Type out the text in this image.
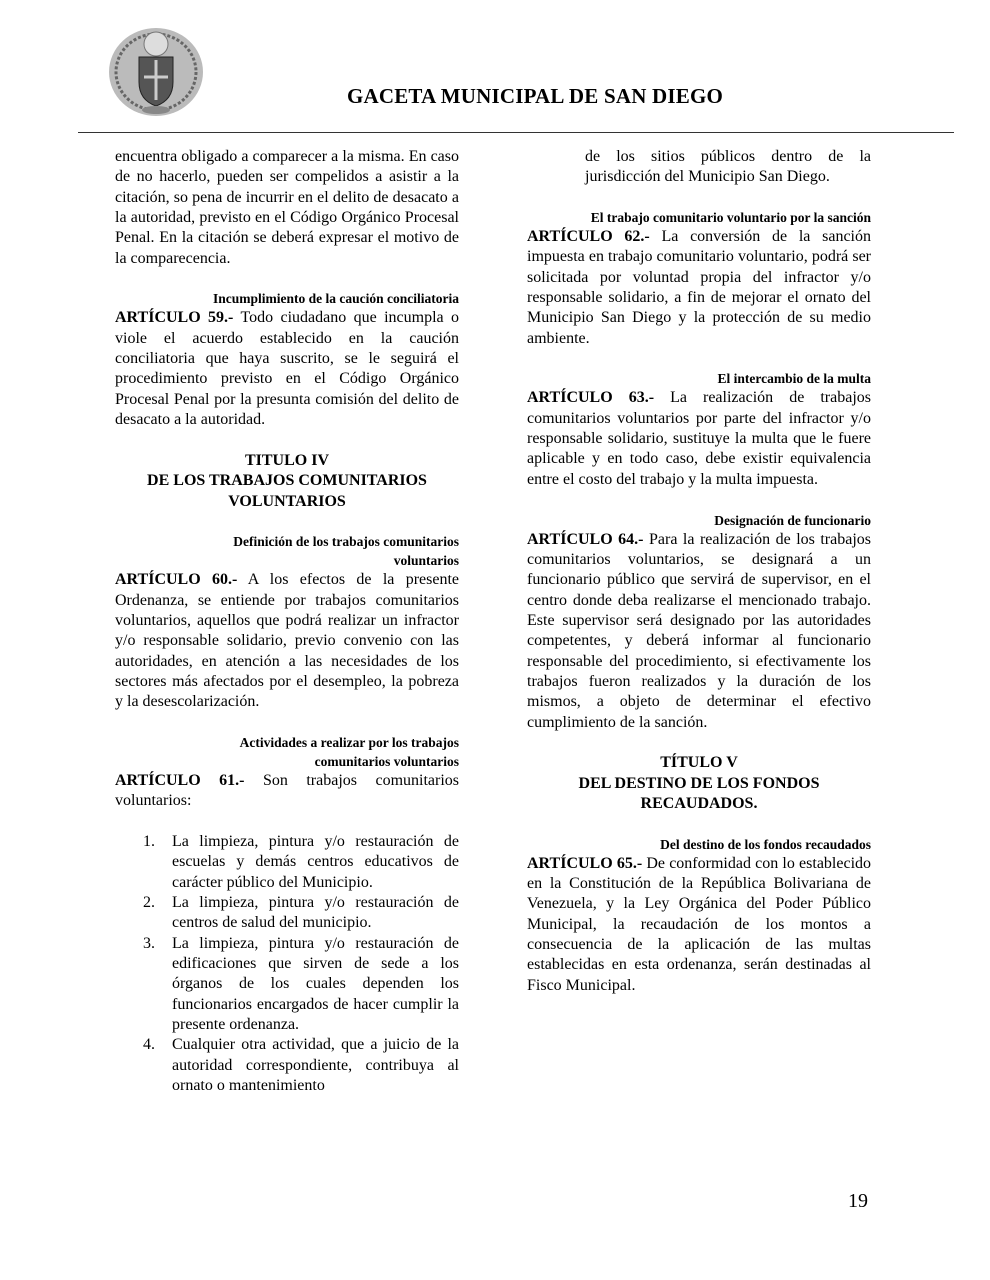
GACETA MUNICIPAL DE SAN DIEGO

encuentra obligado a comparecer a la misma. En caso de no hacerlo, pueden ser compelidos a asistir a la citación, so pena de incurrir en el delito de desacato a la autoridad, previsto en el Código Orgánico Procesal Penal. En la citación se deberá expresar el motivo de la comparecencia.

Incumplimiento de la caución conciliatoria

ARTÍCULO 59.- Todo ciudadano que incumpla o viole el acuerdo establecido en la caución conciliatoria que haya suscrito, se le seguirá el procedimiento previsto en el Código Orgánico Procesal Penal por la presunta comisión del delito de desacato a la autoridad.

TITULO IV
DE LOS TRABAJOS COMUNITARIOS
VOLUNTARIOS

Definición de los trabajos comunitarios
voluntarios

ARTÍCULO 60.- A los efectos de la presente Ordenanza, se entiende por trabajos comunitarios voluntarios, aquellos que podrá realizar un infractor y/o responsable solidario, previo convenio con las autoridades, en atención a las necesidades de los sectores más afectados por el desempleo, la pobreza y la desescolarización.

Actividades a realizar por los trabajos
comunitarios voluntarios

ARTÍCULO 61.- Son trabajos comunitarios voluntarios:

1. La limpieza, pintura y/o restauración de escuelas y demás centros educativos de carácter público del Municipio.
2. La limpieza, pintura y/o restauración de centros de salud del municipio.
3. La limpieza, pintura y/o restauración de edificaciones que sirven de sede a los órganos de los cuales dependen los funcionarios encargados de hacer cumplir la presente ordenanza.
4. Cualquier otra actividad, que a juicio de la autoridad correspondiente, contribuya al ornato o mantenimiento

de los sitios públicos dentro de la jurisdicción del Municipio San Diego.

El trabajo comunitario voluntario por la sanción

ARTÍCULO 62.- La conversión de la sanción impuesta en trabajo comunitario voluntario, podrá ser solicitada por voluntad propia del infractor y/o responsable solidario, a fin de mejorar el ornato del Municipio San Diego y la protección de su medio ambiente.

El intercambio de la multa

ARTÍCULO 63.- La realización de trabajos comunitarios voluntarios por parte del infractor y/o responsable solidario, sustituye la multa que le fuere aplicable y en todo caso, debe existir equivalencia entre el costo del trabajo y la multa impuesta.

Designación de funcionario

ARTÍCULO 64.- Para la realización de los trabajos comunitarios voluntarios, se designará a un funcionario público que servirá de supervisor, en el centro donde deba realizarse el mencionado trabajo. Este supervisor será designado por las autoridades competentes, y deberá informar al funcionario responsable del procedimiento, si efectivamente los trabajos fueron realizados y la duración de los mismos, a objeto de determinar el efectivo cumplimiento de la sanción.

TÍTULO V
DEL DESTINO DE LOS FONDOS
RECAUDADOS.

Del destino de los fondos recaudados

ARTÍCULO 65.- De conformidad con lo establecido en la Constitución de la República Bolivariana de Venezuela, y la Ley Orgánica del Poder Público Municipal, la recaudación de los montos a consecuencia de la aplicación de las multas establecidas en esta ordenanza, serán destinadas al Fisco Municipal.

19
